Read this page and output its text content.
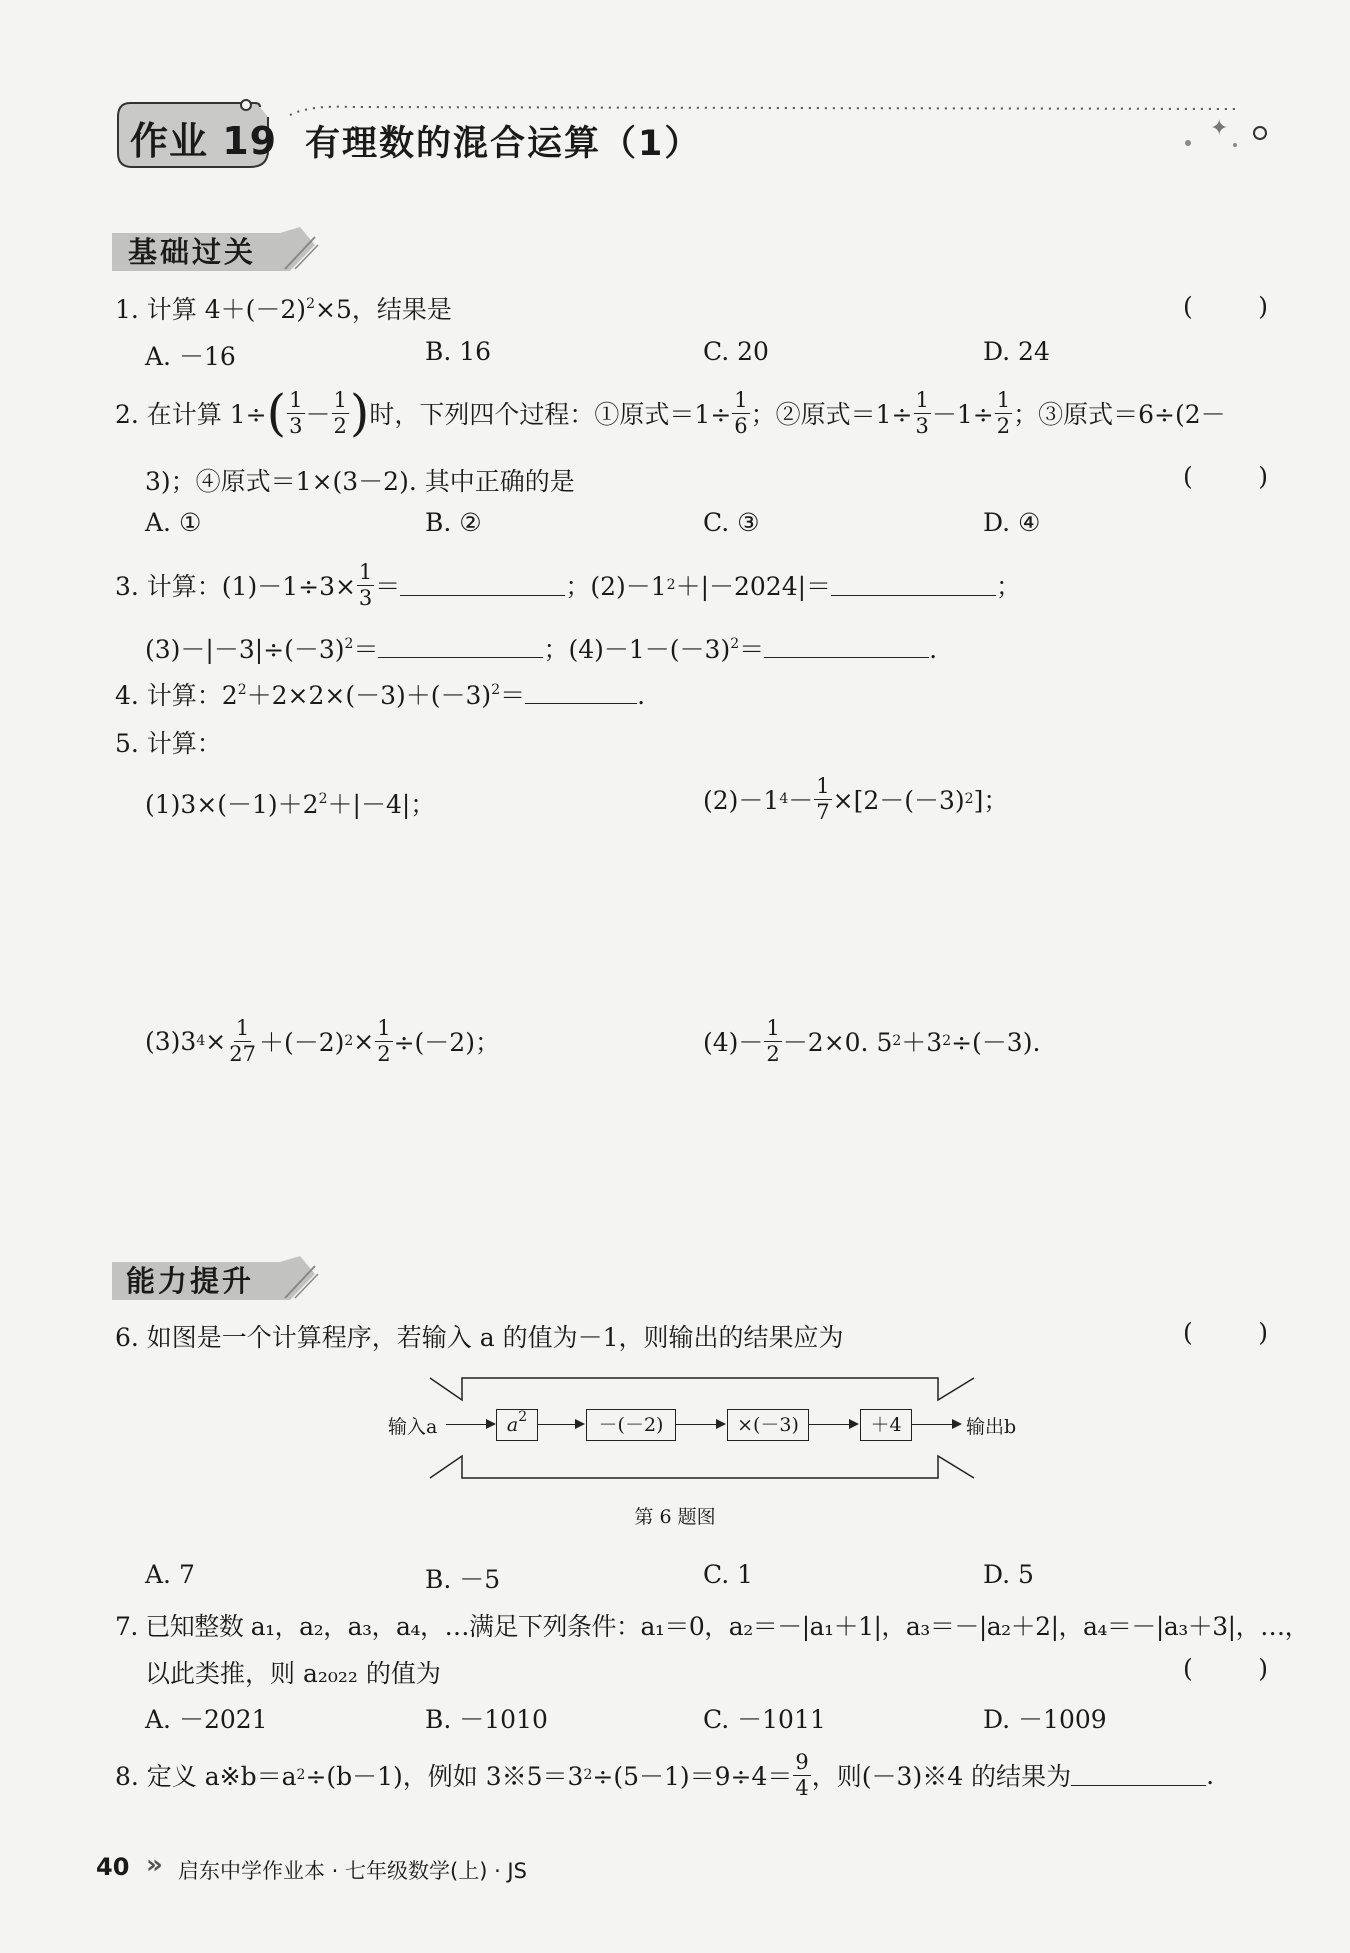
✦
作业 19 有理数的混合运算（1）
基础过关
1. 计算 $4+(-2)^2\times 5$，结果是	(	)
A. －16	B. 16	C. 20	D. 24
2. 在计算 1÷ ( $\frac{1}{3} - \frac{1}{2}$ ) 时，下列四个过程：①原式$=1\div \frac{1}{6}$ ；②原式$=1\div \frac{1}{3} -1\div \frac{1}{2}$ ；③原式＝6÷(2－
3)；④原式＝1×(3－2). 其中正确的是	(	)
A. ①	B. ②	C. ③	D. ④
3. 计算：$(1)-1\div 3\times \frac{1}{3}$ ＝	；(2)－1 2 ＋|－2024|＝	；
$(3)-|-3|\div(-3)^2=$	；$(4)-1-(-3)^2=$	.
4. 计算：$2^2+2\times 2\times(-3)+(-3)^2=$	.
5. 计算：
$(1)3\times(-1)+2^2+|-4|$；	(2)－1 $4 - \frac{1}{7} \times[2-(-3)$ 2 ]；
(3)3 $4 \times \frac{1}{27} +(-2) 2 \times \frac{1}{2} \div(-2)$；	$(4)- \frac{1}{2} -2\times 0$. 5 2 ＋3 2 ÷(－3).
能力提升
6. 如图是一个计算程序，若输入 a 的值为－1，则输出的结果应为	(	)
输入a	$a^2$	－(－2)	×(－3)	＋4	输出b
第 6 题图
A. 7	B. －5	C. 1	D. 5
7. 已知整数 a₁，a₂，a₃，a₄，…满足下列条件：a₁＝0，a₂＝－|a₁＋1|，a₃＝－|a₂＋2|，a₄＝－|a₃＋3|，…，
以此类推，则 a₂₀₂₂ 的值为	(	)
A. －2021	B. －1010	C. －1011	D. －1009
8. 定义 a※b＝a 2 ÷(b－1)，例如 3※5＝3 $2 \div(5-1)=9\div 4= \frac{9}{4}$ ，则(－3)※4 的结果为	.
40 » 启东中学作业本 · 七年级数学(上) · JS
